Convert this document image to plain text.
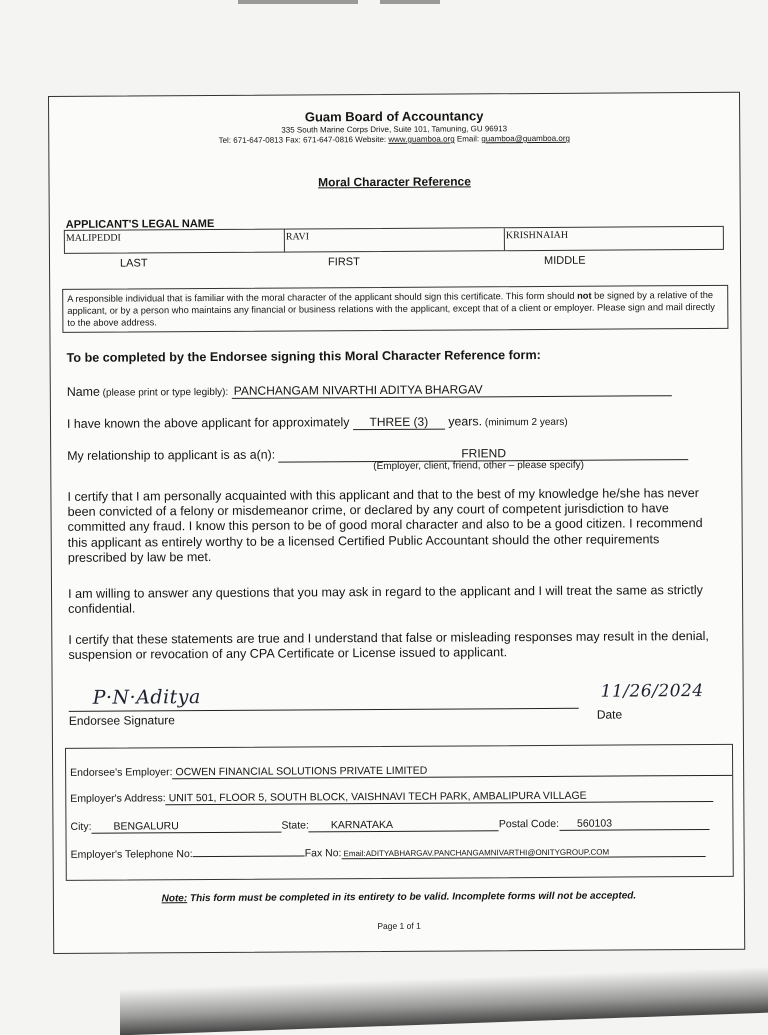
Guam Board of Accountancy
335 South Marine Corps Drive, Suite 101, Tamuning, GU 96913
Tel: 671-647-0813 Fax: 671-647-0816 Website: www.guamboa.org Email: guamboa@guamboa.org
Moral Character Reference
APPLICANT'S LEGAL NAME
MALIPEDDI	RAVI	KRISHNAIAH
LAST	FIRST	MIDDLE
A responsible individual that is familiar with the moral character of the applicant should sign this certificate. This form should not be signed by a relative of the applicant, or by a person who maintains any financial or business relations with the applicant, except that of a client or employer. Please sign and mail directly to the above address.
To be completed by the Endorsee signing this Moral Character Reference form:
Name (please print or type legibly): PANCHANGAM NIVARTHI ADITYA BHARGAV
I have known the above applicant for approximately THREE (3) years. (minimum 2 years)
My relationship to applicant is as a(n):	FRIEND
(Employer, client, friend, other – please specify)
I certify that I am personally acquainted with this applicant and that to the best of my knowledge he/she has never been convicted of a felony or misdemeanor crime, or declared by any court of competent jurisdiction to have committed any fraud. I know this person to be of good moral character and also to be a good citizen. I recommend this applicant as entirely worthy to be a licensed Certified Public Accountant should the other requirements prescribed by law be met.
I am willing to answer any questions that you may ask in regard to the applicant and I will treat the same as strictly confidential.
I certify that these statements are true and I understand that false or misleading responses may result in the denial, suspension or revocation of any CPA Certificate or License issued to applicant.
P·N·Aditya
Endorsee Signature
11/26/2024
Date
Endorsee's Employer: OCWEN FINANCIAL SOLUTIONS PRIVATE LIMITED
Employer's Address: UNIT 501, FLOOR 5, SOUTH BLOCK, VAISHNAVI TECH PARK, AMBALIPURA VILLAGE
City: BENGALURU	State: KARNATAKA	Postal Code: 560103
Employer's Telephone No:	Fax No: Email:ADITYABHARGAV.PANCHANGAMNIVARTHI@ONITYGROUP.COM
Note: This form must be completed in its entirety to be valid. Incomplete forms will not be accepted.
Page 1 of 1
